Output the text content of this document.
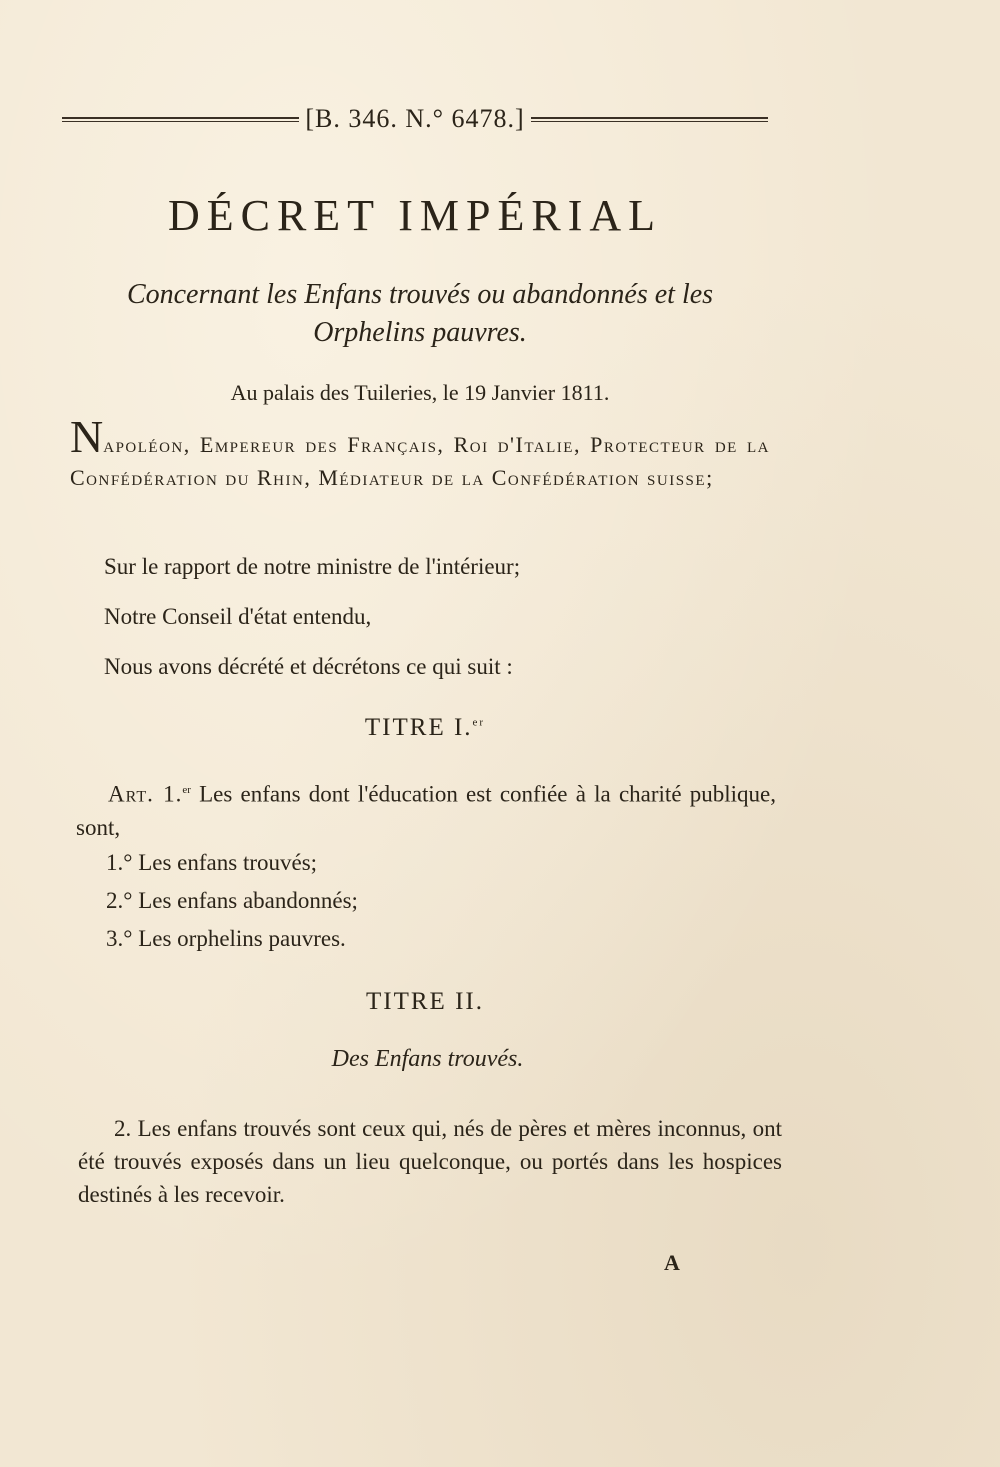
[B. 346. N.° 6478.]
DÉCRET IMPÉRIAL

Concernant les Enfans trouvés ou abandonnés et les Orphelins pauvres.

Au palais des Tuileries, le 19 Janvier 1811.

Napoléon, Empereur des Français, Roi d'Italie, Protecteur de la Confédération du Rhin, Médiateur de la Confédération suisse;

Sur le rapport de notre ministre de l'intérieur;

Notre Conseil d'état entendu,

Nous avons décrété et décrétons ce qui suit :

TITRE I.$^{er}$

Art. 1.$^{er}$ Les enfans dont l'éducation est confiée à la charité publique, sont,

1.° Les enfans trouvés;

2.° Les enfans abandonnés;

3.° Les orphelins pauvres.

TITRE II.

Des Enfans trouvés.

2. Les enfans trouvés sont ceux qui, nés de pères et mères inconnus, ont été trouvés exposés dans un lieu quelconque, ou portés dans les hospices destinés à les recevoir.

A
